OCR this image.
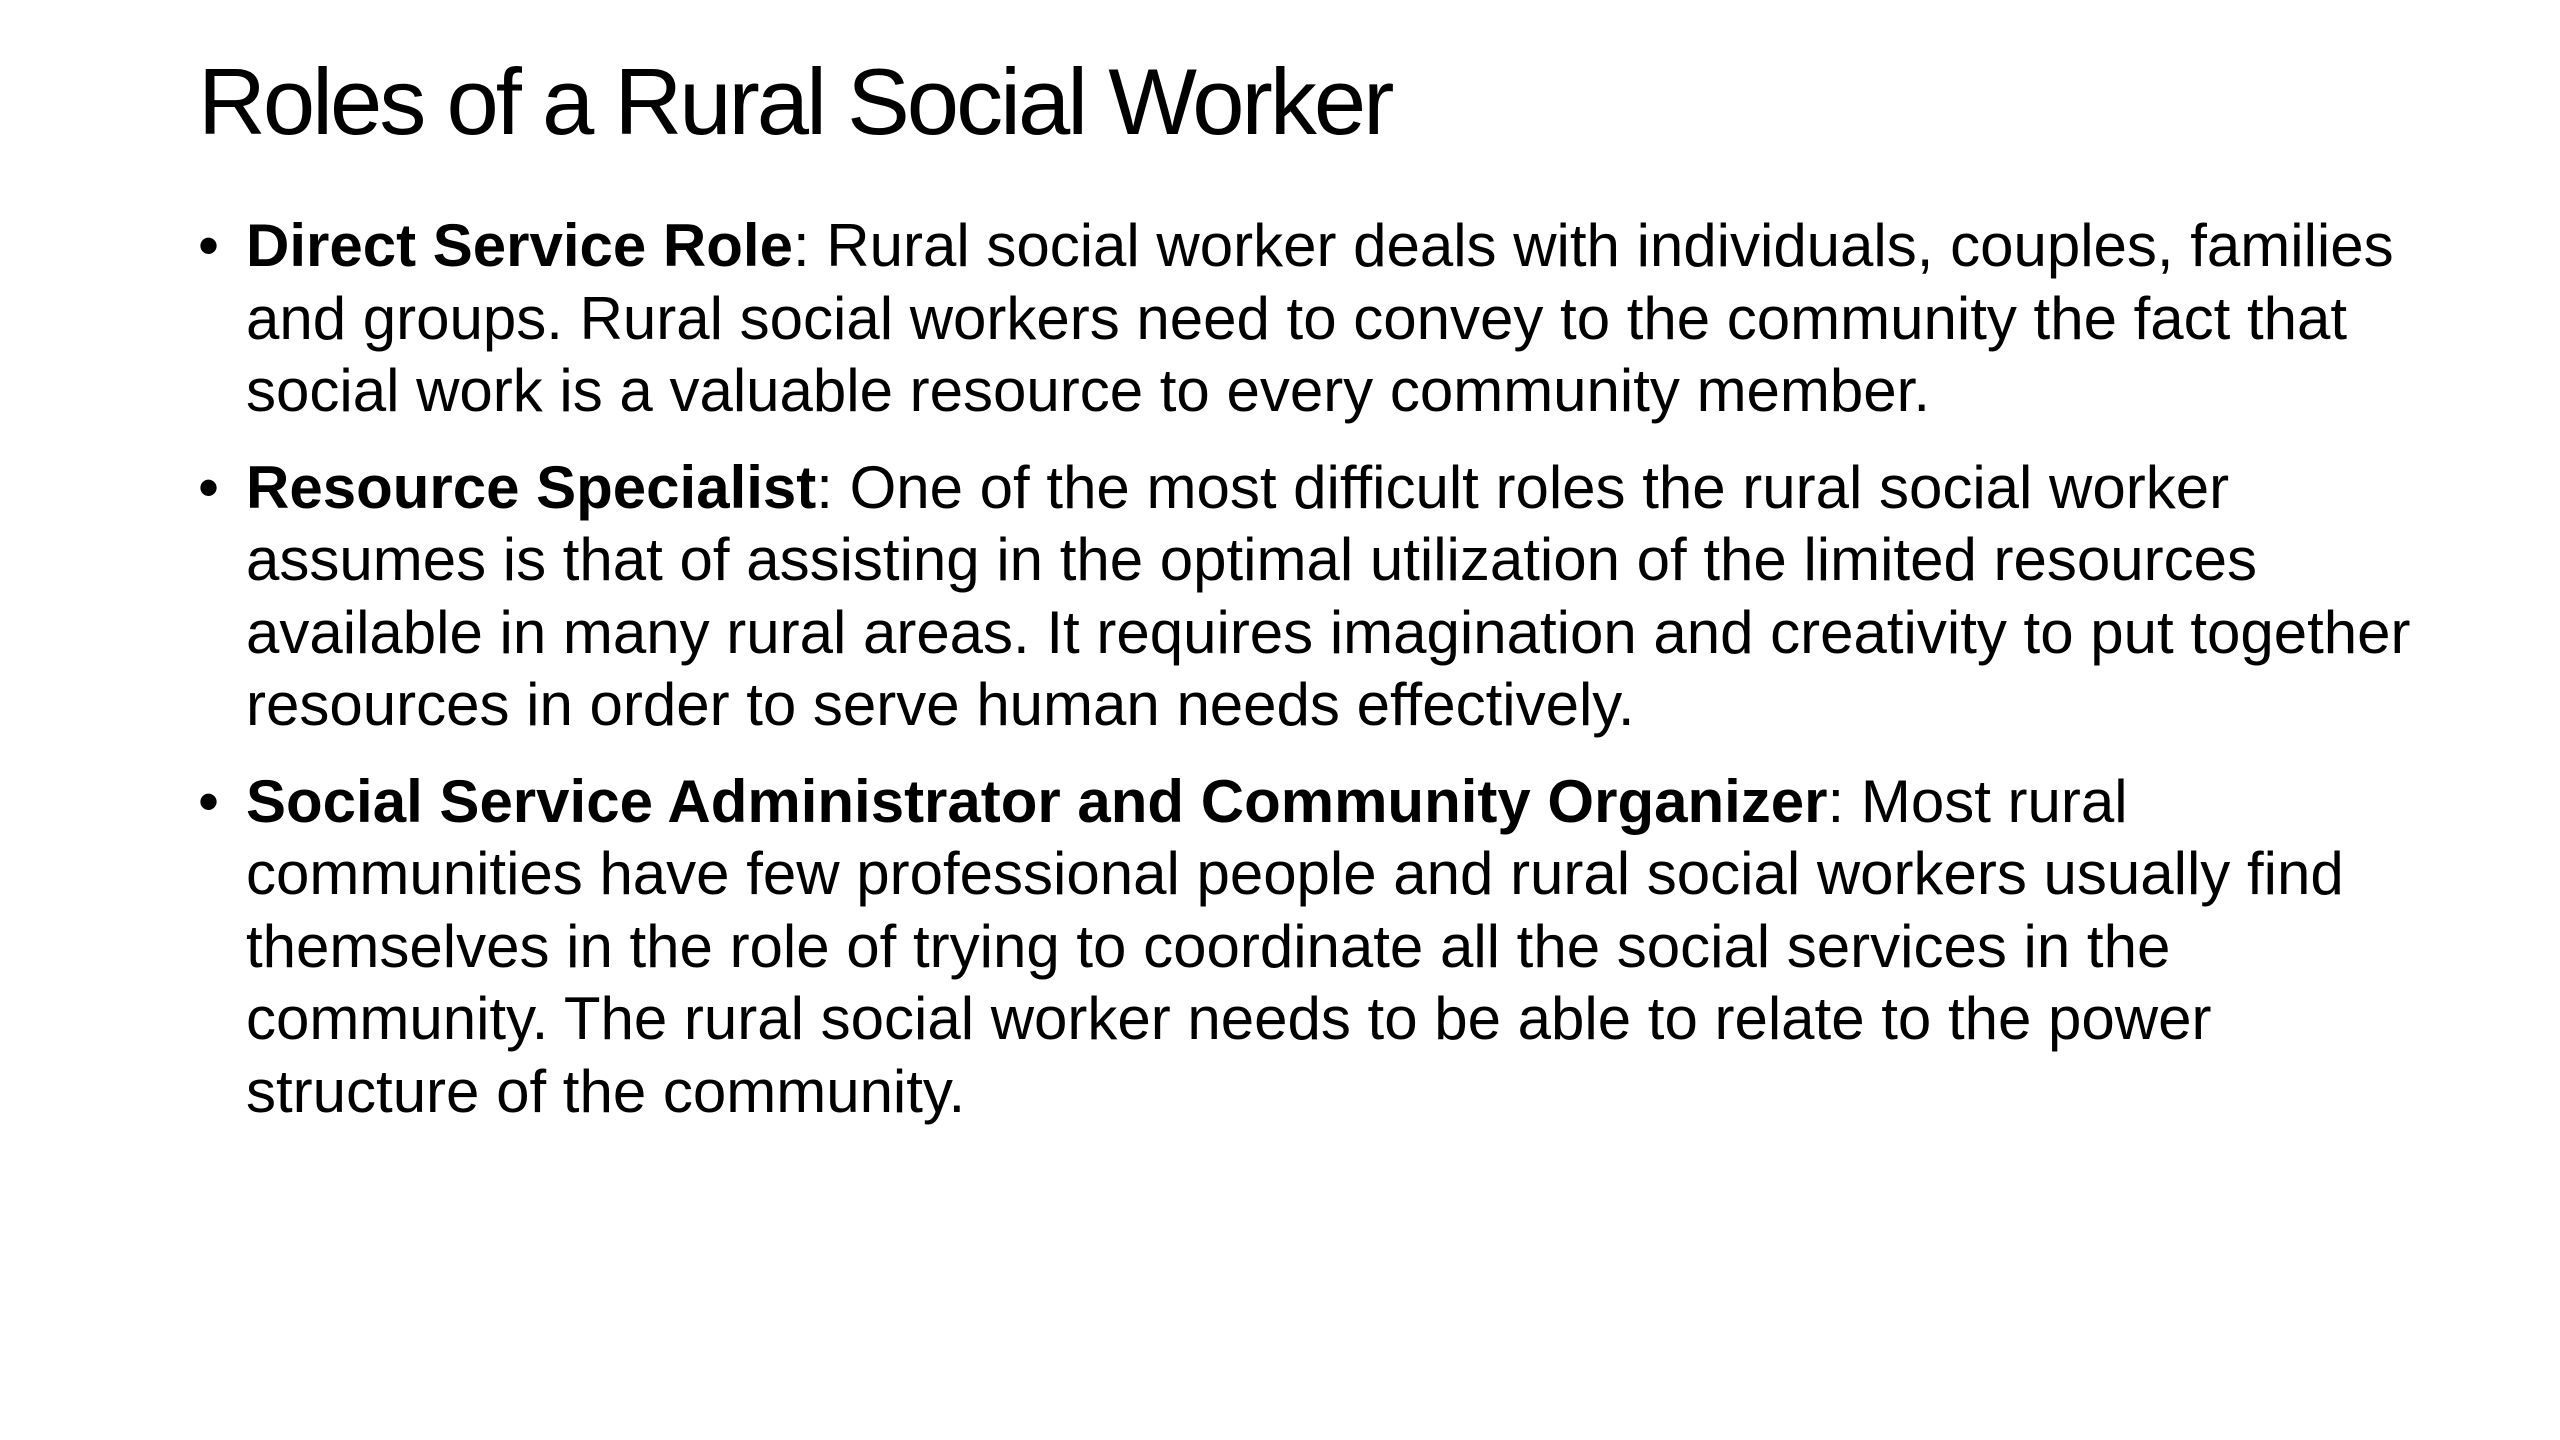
Roles of a Rural Social Worker
• Direct Service Role: Rural social worker deals with individuals, couples, families and groups. Rural social workers need to convey to the community the fact that social work is a valuable resource to every community member.
• Resource Specialist: One of the most difficult roles the rural social worker assumes is that of assisting in the optimal utilization of the limited resources available in many rural areas. It requires imagination and creativity to put together resources in order to serve human needs effectively.
• Social Service Administrator and Community Organizer: Most rural communities have few professional people and rural social workers usually find themselves in the role of trying to coordinate all the social services in the community. The rural social worker needs to be able to relate to the power structure of the community.
